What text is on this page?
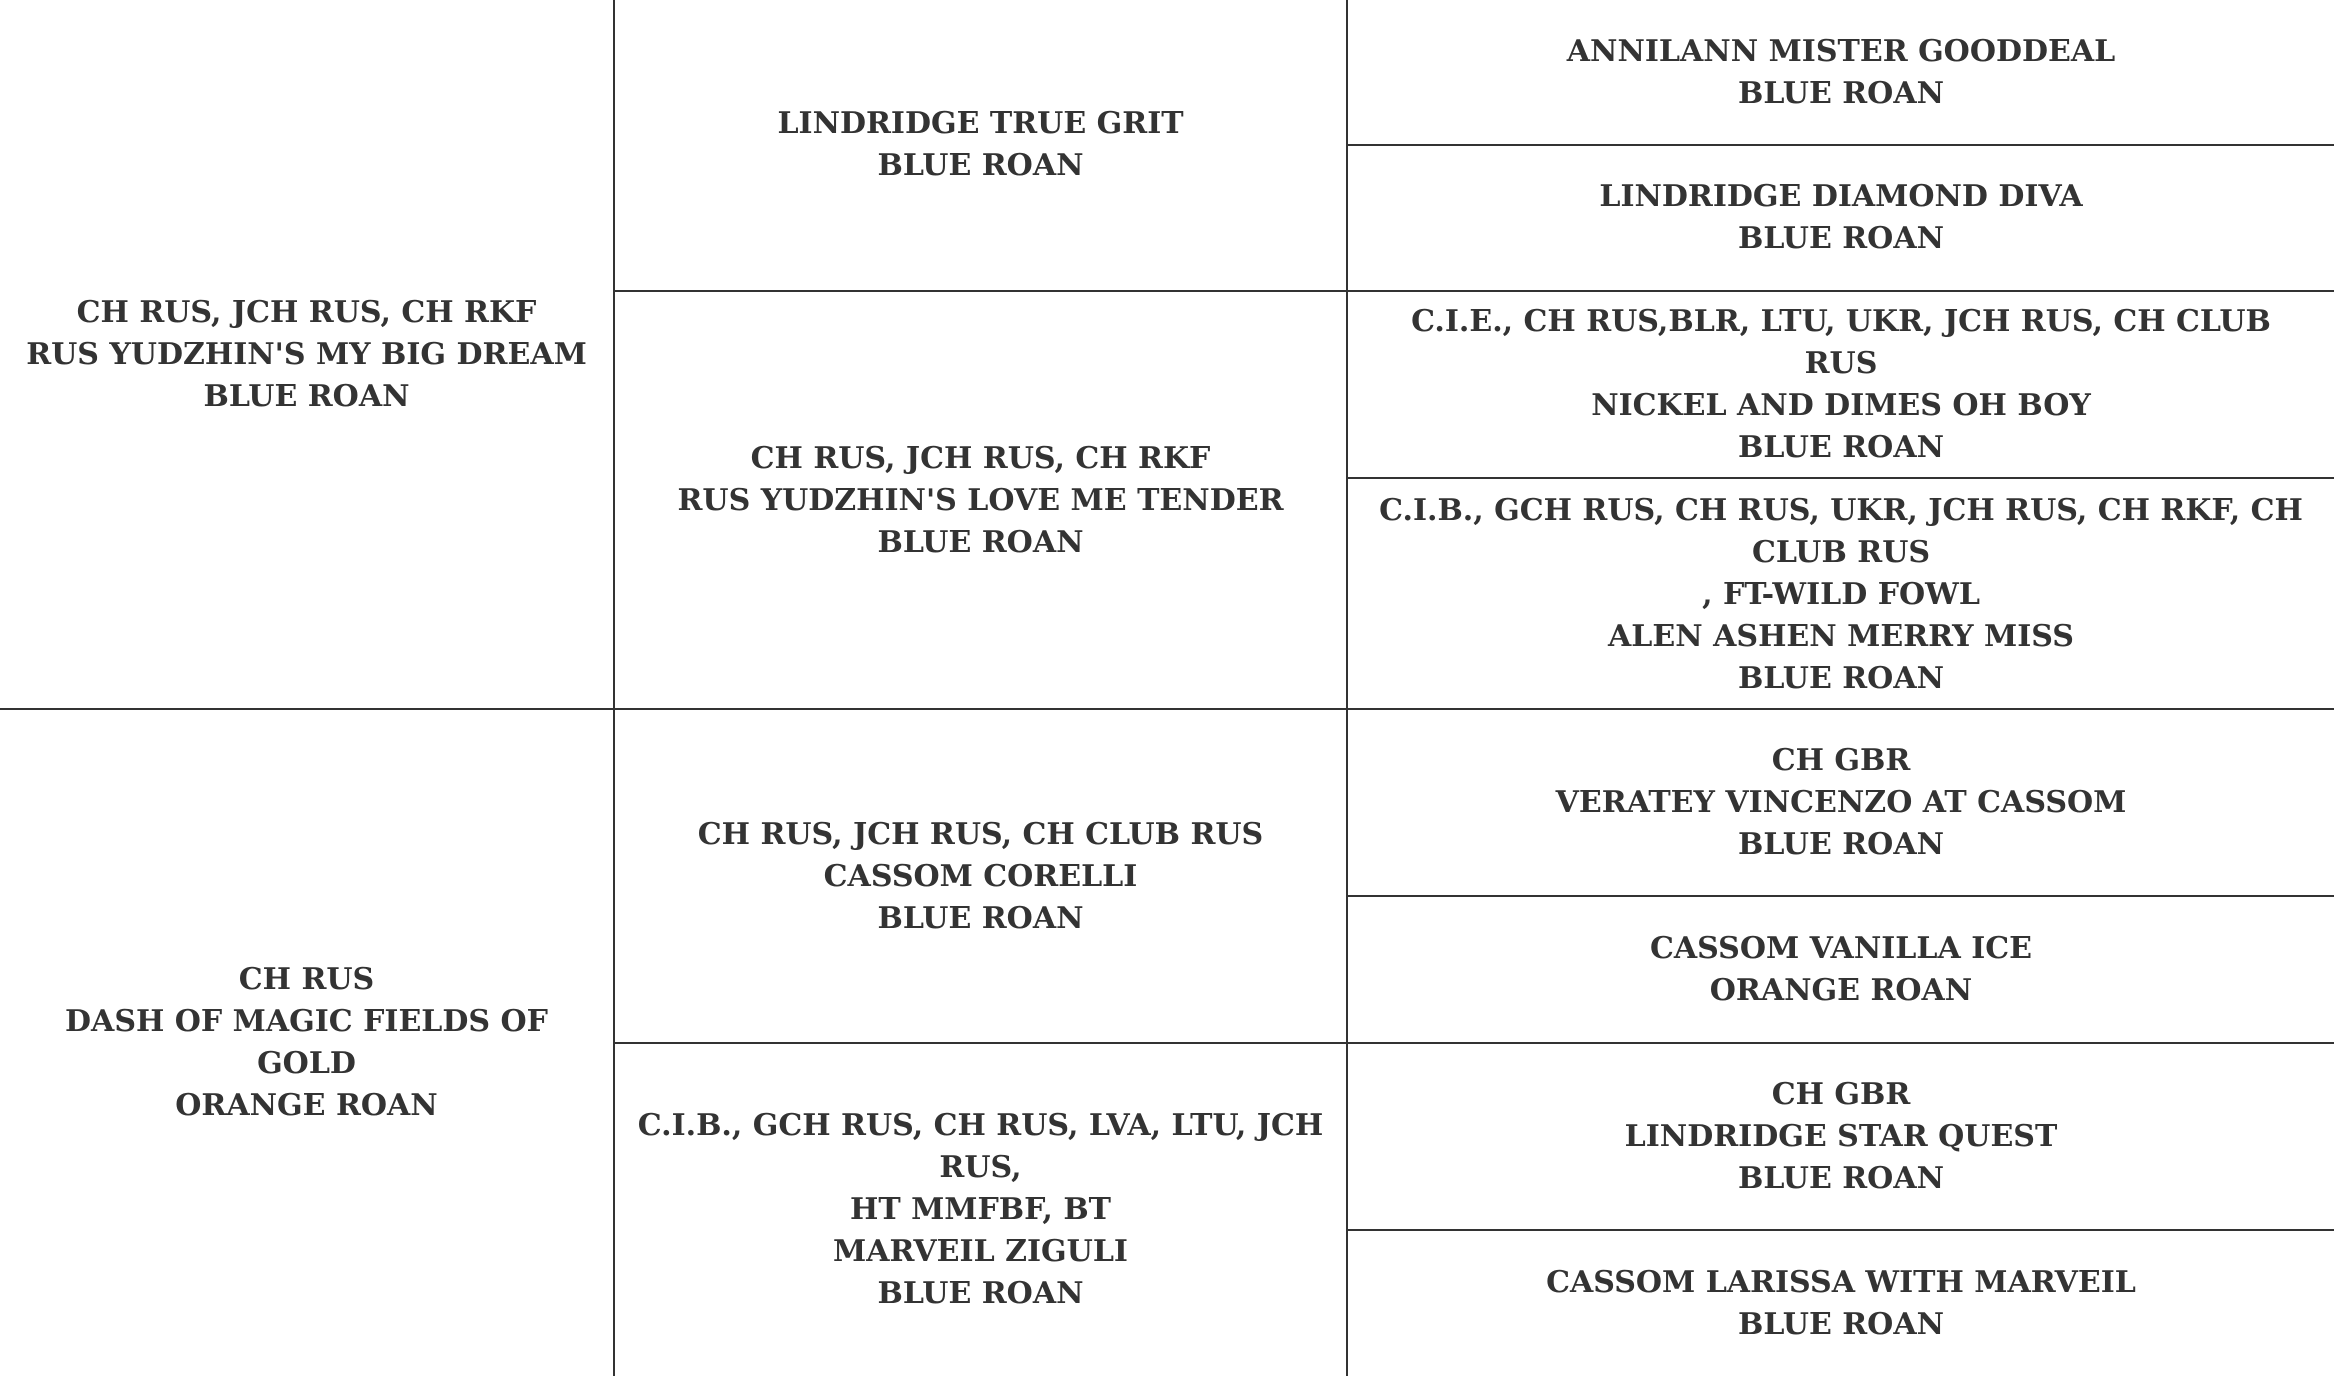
CH RUS, JCH RUS, CH RKF
RUS YUDZHIN'S MY BIG DREAM
BLUE ROAN
CH RUS
DASH OF MAGIC FIELDS OF GOLD
ORANGE ROAN
LINDRIDGE TRUE GRIT
BLUE ROAN
CH RUS, JCH RUS, CH RKF
RUS YUDZHIN'S LOVE ME TENDER
BLUE ROAN
CH RUS, JCH RUS, CH CLUB RUS
CASSOM CORELLI
BLUE ROAN
C.I.B., GCH RUS, CH RUS, LVA, LTU, JCH RUS,
HT MMFBF, BT
MARVEIL ZIGULI
BLUE ROAN
ANNILANN MISTER GOODDEAL
BLUE ROAN
LINDRIDGE DIAMOND DIVA
BLUE ROAN
C.I.E., CH RUS,BLR, LTU, UKR, JCH RUS, CH CLUB RUS
NICKEL AND DIMES OH BOY
BLUE ROAN
C.I.B., GCH RUS, CH RUS, UKR, JCH RUS, CH RKF, CH CLUB RUS
, FT-WILD FOWL
ALEN ASHEN MERRY MISS
BLUE ROAN
CH GBR
VERATEY VINCENZO AT CASSOM
BLUE ROAN
CASSOM VANILLA ICE
ORANGE ROAN
CH GBR
LINDRIDGE STAR QUEST
BLUE ROAN
CASSOM LARISSA WITH MARVEIL
BLUE ROAN
